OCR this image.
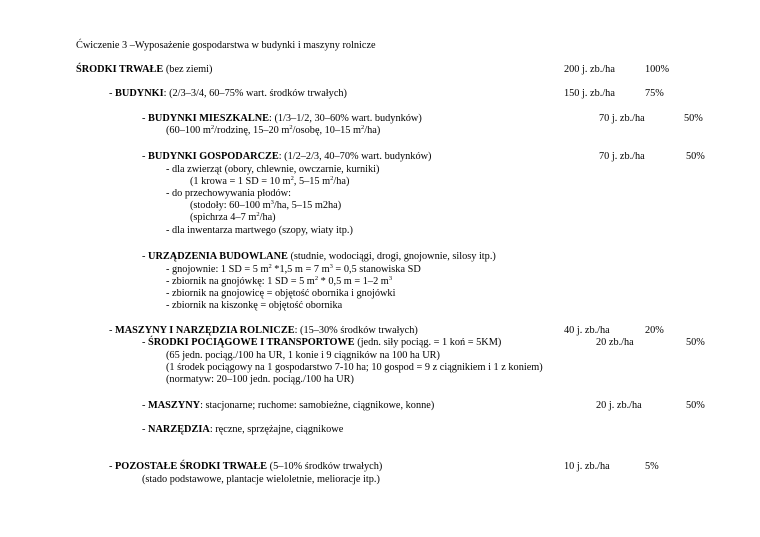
Ćwiczenie 3 –Wyposażenie gospodarstwa w budynki i maszyny rolnicze
ŚRODKI TRWAŁE (bez ziemi)	200 j. zb./ha	100%
- BUDYNKI: (2/3–3/4, 60–75% wart. środków trwałych)	150 j. zb./ha	75%
- BUDYNKI MIESZKALNE: (1/3–1/2, 30–60% wart. budynków)	70 j. zb./ha	50%
(60–100 $m^2$/rodzinę, 15–20 $m^2$/osobę, 10–15 $m^2/ha$)
- BUDYNKI GOSPODARCZE: (1/2–2/3, 40–70% wart. budynków)	70 j. zb./ha	50%
- dla zwierząt (obory, chlewnie, owczarnie, kurniki)
(1 krowa = 1 SD = 10 $m^2$, 5–15 $m^2/ha$)
- do przechowywania płodów:
(stodoły: 60–100 $m^3/ha$, 5–15 m2ha)
(spichrza 4–7 $m^2/ha$)
- dla inwentarza martwego (szopy, wiaty itp.)
- URZĄDZENIA BUDOWLANE (studnie, wodociągi, drogi, gnojownie, silosy itp.)
- gnojownie: 1 SD = 5 $m^2$ *1,5 m = 7 $m^3 = 0,5$ stanowiska SD
- zbiornik na gnojówkę: 1 SD = 5 $m^2 * 0,5$ m = 1–2 $m^3$
- zbiornik na gnojowicę = objętość obornika i gnojówki
- zbiornik na kiszonkę = objętość obornika
- MASZYNY I NARZĘDZIA ROLNICZE: (15–30% środków trwałych)	40 j. zb./ha	20%
- ŚRODKI POCIĄGOWE I TRANSPORTOWE (jedn. siły pociąg. = 1 koń = 5KM)	20 zb./ha	50%
(65 jedn. pociąg./100 ha UR, 1 konie i 9 ciągników na 100 ha UR)
(1 środek pociągowy na 1 gospodarstwo 7-10 ha; 10 gospod = 9 z ciągnikiem i 1 z koniem)
(normatyw: 20–100 jedn. pociąg./100 ha UR)
- MASZYNY: stacjonarne; ruchome: samobieżne, ciągnikowe, konne)	20 j. zb./ha	50%
- NARZĘDZIA: ręczne, sprzężajne, ciągnikowe
- POZOSTAŁE ŚRODKI TRWAŁE (5–10% środków trwałych)	10 j. zb./ha	5%
(stado podstawowe, plantacje wieloletnie, melioracje itp.)
